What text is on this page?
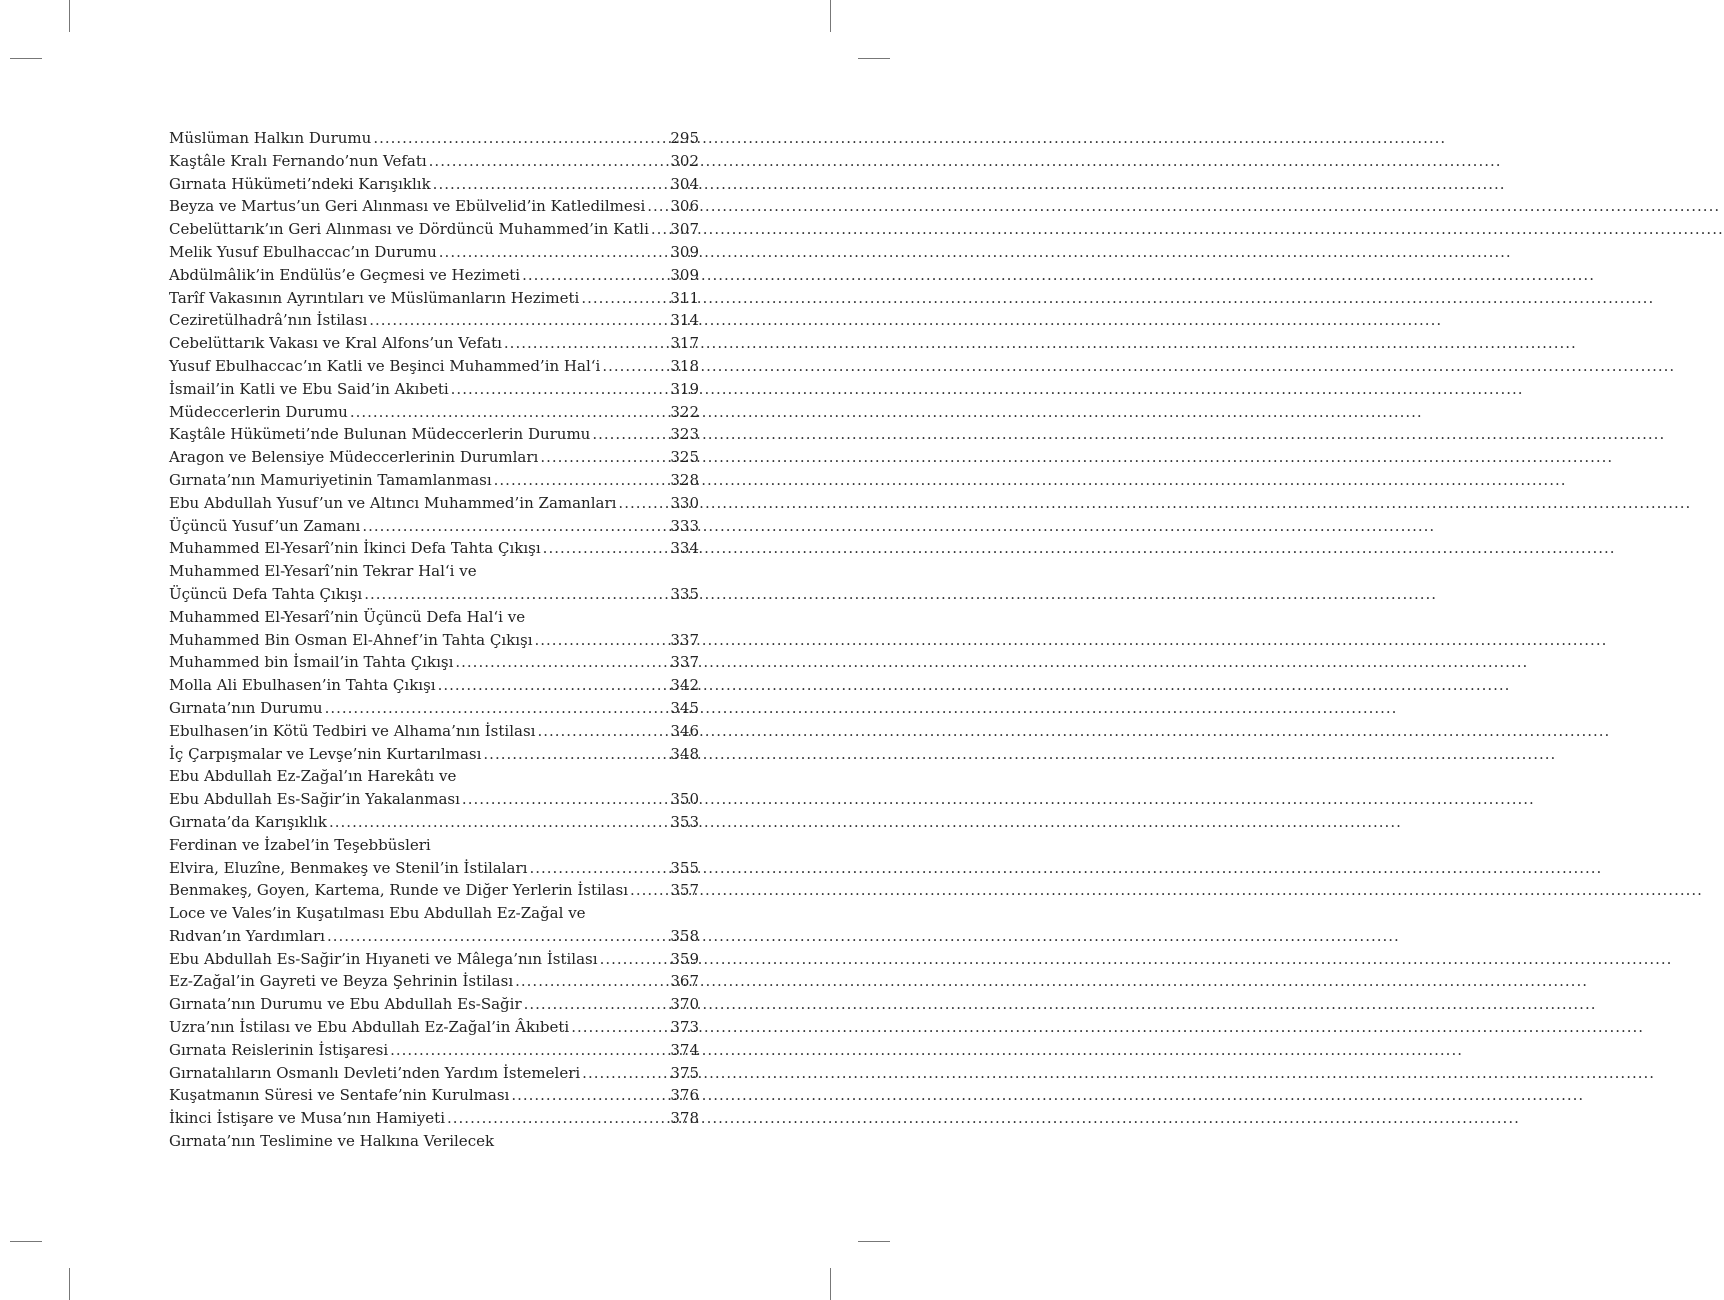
Müslüman Halkın Durumu .....	295
Kaştâle Kralı Fernando’nun Vefatı .....	302
Gırnata Hükümeti’ndeki Karışıklık .....	304
Beyza ve Martus’un Geri Alınması ve Ebülvelid’in Katledilmesi ..... 306
Cebelüttarık’ın Geri Alınması ve Dördüncü Muhammed’in Katli ..... 307
Melik Yusuf Ebulhaccac’ın Durumu .....	309
Abdülmâlik’in Endülüs’e Geçmesi ve Hezimeti .....	309
Tarîf Vakasının Ayrıntıları ve Müslümanların Hezimeti .....	311
Ceziretülhadrâ’nın İstilası .....	314
Cebelüttarık Vakası ve Kral Alfons’un Vefatı .....	317
Yusuf Ebulhaccac’ın Katli ve Beşinci Muhammed’in Hal‘i .....	318
İsmail’in Katli ve Ebu Said’in Akıbeti .....	319
Müdeccerlerin Durumu .....	322
Kaştâle Hükümeti’nde Bulunan Müdeccerlerin Durumu .....	323
Aragon ve Belensiye Müdeccerlerinin Durumları .....	325
Gırnata’nın Mamuriyetinin Tamamlanması .....	328
Ebu Abdullah Yusuf’un ve Altıncı Muhammed’in Zamanları .....	330
Üçüncü Yusuf’un Zamanı .....	333
Muhammed El-Yesarî’nin İkinci Defa Tahta Çıkışı .....	334
Muhammed El-Yesarî’nin Tekrar Hal‘i ve
Üçüncü Defa Tahta Çıkışı .....	335
Muhammed El-Yesarî’nin Üçüncü Defa Hal‘i ve
Muhammed Bin Osman El-Ahnef’in Tahta Çıkışı .....	337
Muhammed bin İsmail’in Tahta Çıkışı .....	337
Molla Ali Ebulhasen’in Tahta Çıkışı .....	342
Gırnata’nın Durumu .....	345
Ebulhasen’in Kötü Tedbiri ve Alhama’nın İstilası .....	346
İç Çarpışmalar ve Levşe’nin Kurtarılması .....	348
Ebu Abdullah Ez-Zağal’ın Harekâtı ve
Ebu Abdullah Es-Sağir’in Yakalanması .....	350
Gırnata’da Karışıklık .....	353
Ferdinan ve İzabel’in Teşebbüsleri
Elvira, Eluzîne, Benmakeş ve Stenil’in İstilaları .....	355
Benmakeş, Goyen, Kartema, Runde ve Diğer Yerlerin İstilası .....	357
Loce ve Vales’in Kuşatılması Ebu Abdullah Ez-Zağal ve
Rıdvan’ın Yardımları .....	358
Ebu Abdullah Es-Sağir’in Hıyaneti ve Mâlega’nın İstilası .....	359
Ez-Zağal’in Gayreti ve Beyza Şehrinin İstilası .....	367
Gırnata’nın Durumu ve Ebu Abdullah Es-Sağir .....	370
Uzra’nın İstilası ve Ebu Abdullah Ez-Zağal’in Âkıbeti .....	373
Gırnata Reislerinin İstişaresi .....	374
Gırnatalıların Osmanlı Devleti’nden Yardım İstemeleri .....	375
Kuşatmanın Süresi ve Sentafe’nin Kurulması .....	376
İkinci İstişare ve Musa’nın Hamiyeti .....	378
Gırnata’nın Teslimine ve Halkına Verilecek
